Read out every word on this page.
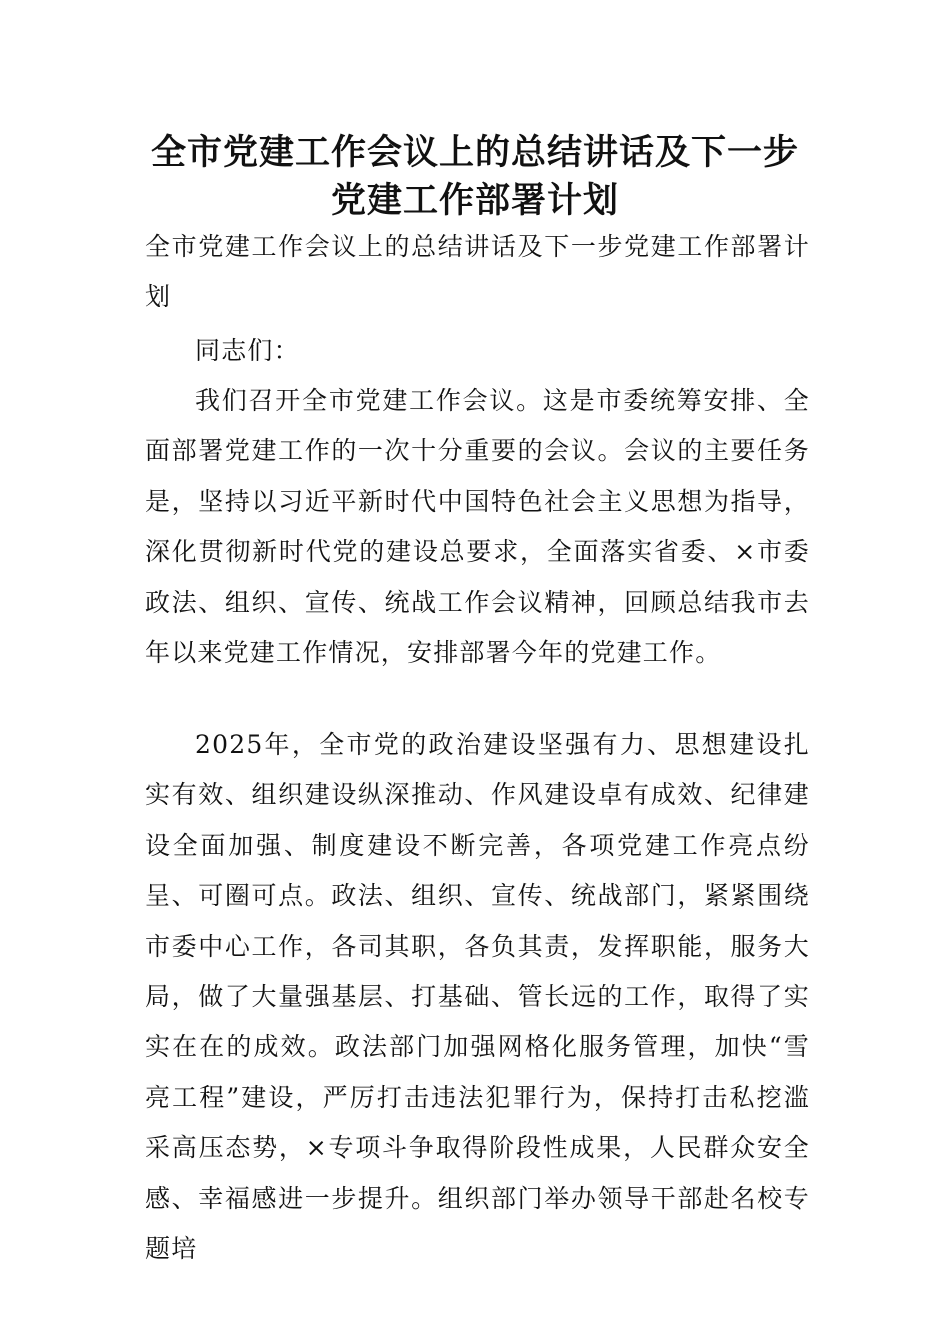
全市党建工作会议上的总结讲话及下一步
党建工作部署计划

全市党建工作会议上的总结讲话及下一步党建工作部署计划

同志们：

我们召开全市党建工作会议。这是市委统筹安排、全面部署党建工作的一次十分重要的会议。会议的主要任务是，坚持以习近平新时代中国特色社会主义思想为指导，深化贯彻新时代党的建设总要求，全面落实省委、×市委政法、组织、宣传、统战工作会议精神，回顾总结我市去年以来党建工作情况，安排部署今年的党建工作。

2025年，全市党的政治建设坚强有力、思想建设扎实有效、组织建设纵深推动、作风建设卓有成效、纪律建设全面加强、制度建设不断完善，各项党建工作亮点纷呈、可圈可点。政法、组织、宣传、统战部门，紧紧围绕市委中心工作，各司其职，各负其责，发挥职能，服务大局，做了大量强基层、打基础、管长远的工作，取得了实实在在的成效。政法部门加强网格化服务管理，加快“雪亮工程”建设，严厉打击违法犯罪行为，保持打击私挖滥采高压态势，×专项斗争取得阶段性成果，人民群众安全感、幸福感进一步提升。组织部门举办领导干部赴名校专题培
